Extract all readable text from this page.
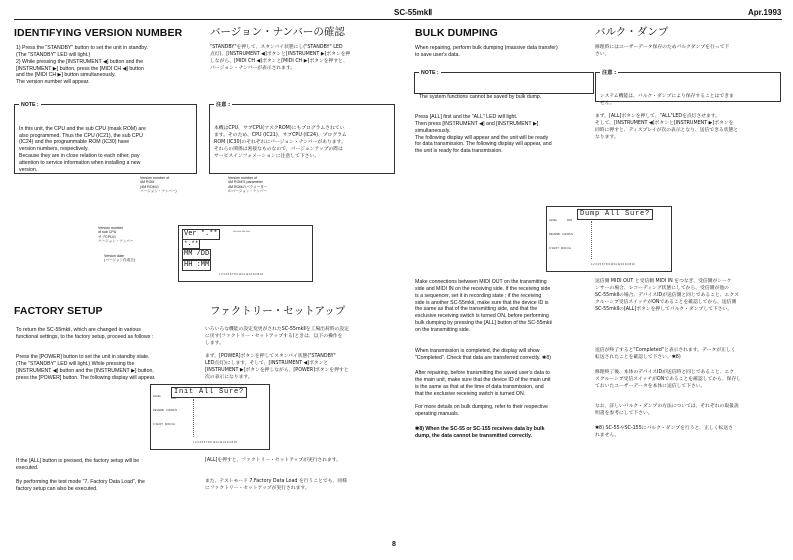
SC-55mkⅡ	Apr.1993
IDENTIFYING VERSION NUMBER	バージョン・ナンバーの確認
1) Press the "STANDBY" button to set the unit in standby.
(The "STANDBY" LED will light.)
2) While pressing the [INSTRUMENT ◀] button and the
[INSTRUMENT ▶] button, press the [MIDI CH ◀] button
and the [MIDI CH ▶] button simultaneously.
The version number will appear.
"STANDBY"を押して、スタンバイ状態にし("STANDBY" LED
点灯)、[INSTRUMENT ◀]ボタンと[INSTRUMENT ▶]ボタンを押
しながら、[MIDI CH ◀]ボタンと[MIDI CH ▶]ボタンを押すと、
バージョン・ナンバーが表示されます。

NOTE :

In this unit, the CPU and the sub CPU (mask ROM) are
also programmed. Thus the CPU (IC21), the sub CPU
(IC24) and the programmable ROM (IC30) have
version numbers, respectively.
Because they are in close relation to each other, pay
attention to service information when installing a new
version.

注意 :

本機はCPU、サブCPU(マスクROM)にもプログラムされてい
ます。そのため、CPU (IC21)、サブCPU (IC24)、プログラム
ROM (IC30)のそれぞれにバージョン・ナンバーがあります。
それらの関係は密接なものなので、バージョンアップの際は
サービスインフォメーションに注意して下さい。

Version number of
4M ROM
(4M ROMの
バージョン・ナンバー)
Version number of
4M ROM'S parameter
4M ROMのパラメーター
のバージョン・ナンバー
Version number
of sub CPU
サブCPUの
バージョン・ナンバー
Version date
(バージョン作成日)
Ver *.**	▪▪▪▪ ▪▪▪▪ ▪▪▪▪ ▪▪▪▪
*.**
MM /DD
HH :MM
1 2 3 4 5 6 7 8 9 10 11 12 13 14 15 16
FACTORY SETUP	ファクトリー・セットアップ
To return the SC-55mkⅡ, which are changed in various
functional settings, to the factory setup, proceed as follows :
いろいろな機能の設定変更がされたSC-55mkⅡを工場出荷時の設定
に戻す(ファクトリー・セットアップする)ときは、以下の操作を
します。
Press the [POWER] button to set the unit in standby state.
(The "STANDBY" LED will light.) While pressing the
[INSTRUMENT ◀] button and the [INSTRUMENT ▶] button,
press the [POWER] button. The following display will appear.
まず、[POWER]ボタンを押してスタンバイ状態("STANDBY"
LED点灯)にします。そして、[INSTRUMENT ◀]ボタンと
[INSTRUMENT ▶]ボタンを押しながら、[POWER]ボタンを押すと
次の表示になります。
Init All Sure?
LEVEL
PAN
REVERB   CHORUS
K SHIFT   MIDI CH
1 2 3 4 5 6 7 8 9 10 11 12 13 14 15 16
If the [ALL] button is pressed, the factory setup will be
executed.
[ALL]を押すと、ファクトリー・セットアップが実行されます。
By performing the test mode "7. Factory Data Load", the
factory setup can also be executed.
また、テストモード 7.Factory Data Load を行うことでも、同様
にファクトリー・セットアップが実行されます。
BULK DUMPING	バルク・ダンプ
When repairing, perform bulk dumping (massive data transfer)
to save user's data.
修理時にはユーザーデータ保存のためバルクダンプを行って下
さい。

NOTE :

The system functions cannot be saved by bulk dump.

注意 :

システム機能は、バルク・ダンプにより保存することはできま
せん。

Press [ALL] first and the "ALL" LED will light.
Then press [INSTRUMENT ◀] and [INSTRUMENT ▶]
simultaneously.
The following display will appear and the unit will be ready
for data transmission. The following display will appear, and
the unit is ready for data transmission.
まず、[ALL]ボタンを押して、"ALL"LEDを点灯させます。
そして、[INSTRUMENT ◀]ボタンと[INSTRUMENT ▶]ボタンを
同時に押すと、ディスプレイが次の表示となり、送信できる状態と
なります。
Dump All Sure?
LEVEL	PAN
REVERB   CHORUS
K SHIFT   MIDI CH
1 2 3 4 5 6 7 8 9 10 11 12 13 14 15 16
Make connections between MIDI OUT on the transmitting
side and MIDI IN on the receiving side. If the receiving side
is a sequencer, set it in recording state ; if the receiving
side is another SC-55mkⅡ, make sure that the device ID is
the same as that of the transmitting side, and that the
exclusive receiving switch is turned ON, before performing
bulk dumping by pressing the [ALL] button of the SC-55mkⅡ
on the transmitting side.
送信側 MIDI OUT と受信側 MIDI IN をつなぎ、受信側がシーケ
ンサーの場合、レコーディング状態にしてから、受信側が他の
SC-55mkⅡの場合、デバイスIDが送信側と同じであること、エクス
クルーシブ受信スイッチがONであることを確認してから、送信側
SC-55mkⅡの[ALL]ボタンを押してバルク・ダンプして下さい。
When transmission is completed, the display will show
"Completed". Check that data are transferred correctly. ✱8)
送信が終了すると"Completed"と表示されます。データが正しく
転送されたことを確認して下さい。✱8)
After repairing, before transmitting the saved user's data to
the main unit, make sure that the device ID of the main unit
is the same as that at the time of data transmission, and
that the exclusive receiving switch is turned ON.
修理終了後、本体のデバイスIDが送信時と同じであること、エク
スクルーシブ受信スイッチがONであることを確認してから、保存し
ておいたユーザーデータを本体に送信して下さい。
For more details on bulk dumping, refer to their respective
operating manuals.
なお、詳しいバルク・ダンプの方法については、それぞれの取扱説
明書を参考にして下さい。
✱8) When the SC-55 or SC-155 receives data by bulk
dump, the data cannot be transmitted correctly.
✱8) SC-55やSC-155にバルク・ダンプを行うと、正しく転送さ
れません。
8
